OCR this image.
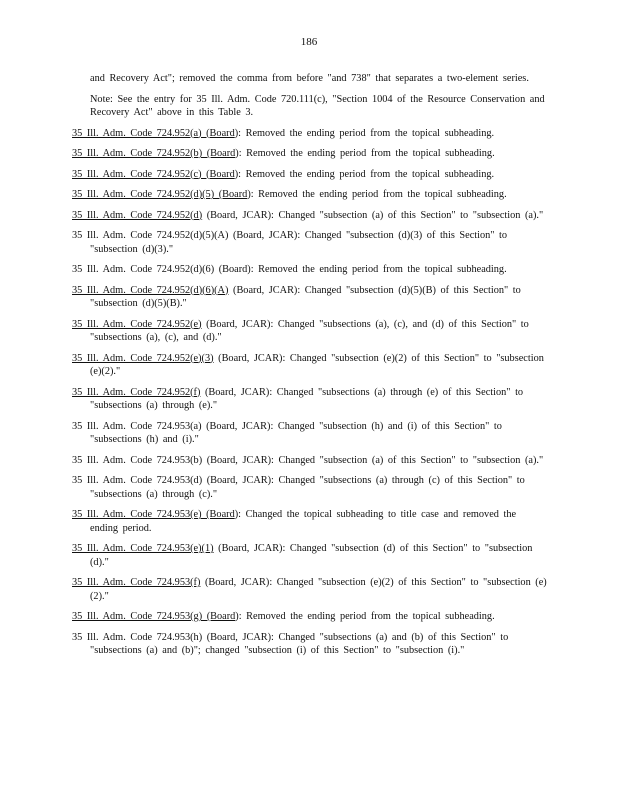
186

and Recovery Act"; removed the comma from before "and 738" that separates a two-element series.

Note: See the entry for 35 Ill. Adm. Code 720.111(c), "Section 1004 of the Resource Conservation and Recovery Act" above in this Table 3.

35 Ill. Adm. Code 724.952(a) (Board): Removed the ending period from the topical subheading.

35 Ill. Adm. Code 724.952(b) (Board): Removed the ending period from the topical subheading.

35 Ill. Adm. Code 724.952(c) (Board): Removed the ending period from the topical subheading.

35 Ill. Adm. Code 724.952(d)(5) (Board): Removed the ending period from the topical subheading.

35 Ill. Adm. Code 724.952(d) (Board, JCAR): Changed "subsection (a) of this Section" to "subsection (a)."

35 Ill. Adm. Code 724.952(d)(5)(A) (Board, JCAR): Changed "subsection (d)(3) of this Section" to "subsection (d)(3)."

35 Ill. Adm. Code 724.952(d)(6) (Board): Removed the ending period from the topical subheading.

35 Ill. Adm. Code 724.952(d)(6)(A) (Board, JCAR): Changed "subsection (d)(5)(B) of this Section" to "subsection (d)(5)(B)."

35 Ill. Adm. Code 724.952(e) (Board, JCAR): Changed "subsections (a), (c), and (d) of this Section" to "subsections (a), (c), and (d)."

35 Ill. Adm. Code 724.952(e)(3) (Board, JCAR): Changed "subsection (e)(2) of this Section" to "subsection (e)(2)."

35 Ill. Adm. Code 724.952(f) (Board, JCAR): Changed "subsections (a) through (e) of this Section" to "subsections (a) through (e)."

35 Ill. Adm. Code 724.953(a) (Board, JCAR): Changed "subsection (h) and (i) of this Section" to "subsections (h) and (i)."

35 Ill. Adm. Code 724.953(b) (Board, JCAR): Changed "subsection (a) of this Section" to "subsection (a)."

35 Ill. Adm. Code 724.953(d) (Board, JCAR): Changed "subsections (a) through (c) of this Section" to "subsections (a) through (c)."

35 Ill. Adm. Code 724.953(e) (Board): Changed the topical subheading to title case and removed the ending period.

35 Ill. Adm. Code 724.953(e)(1) (Board, JCAR): Changed "subsection (d) of this Section" to "subsection (d)."

35 Ill. Adm. Code 724.953(f) (Board, JCAR): Changed "subsection (e)(2) of this Section" to "subsection (e)(2)."

35 Ill. Adm. Code 724.953(g) (Board): Removed the ending period from the topical subheading.

35 Ill. Adm. Code 724.953(h) (Board, JCAR): Changed "subsections (a) and (b) of this Section" to "subsections (a) and (b)"; changed "subsection (i) of this Section" to "subsection (i)."
